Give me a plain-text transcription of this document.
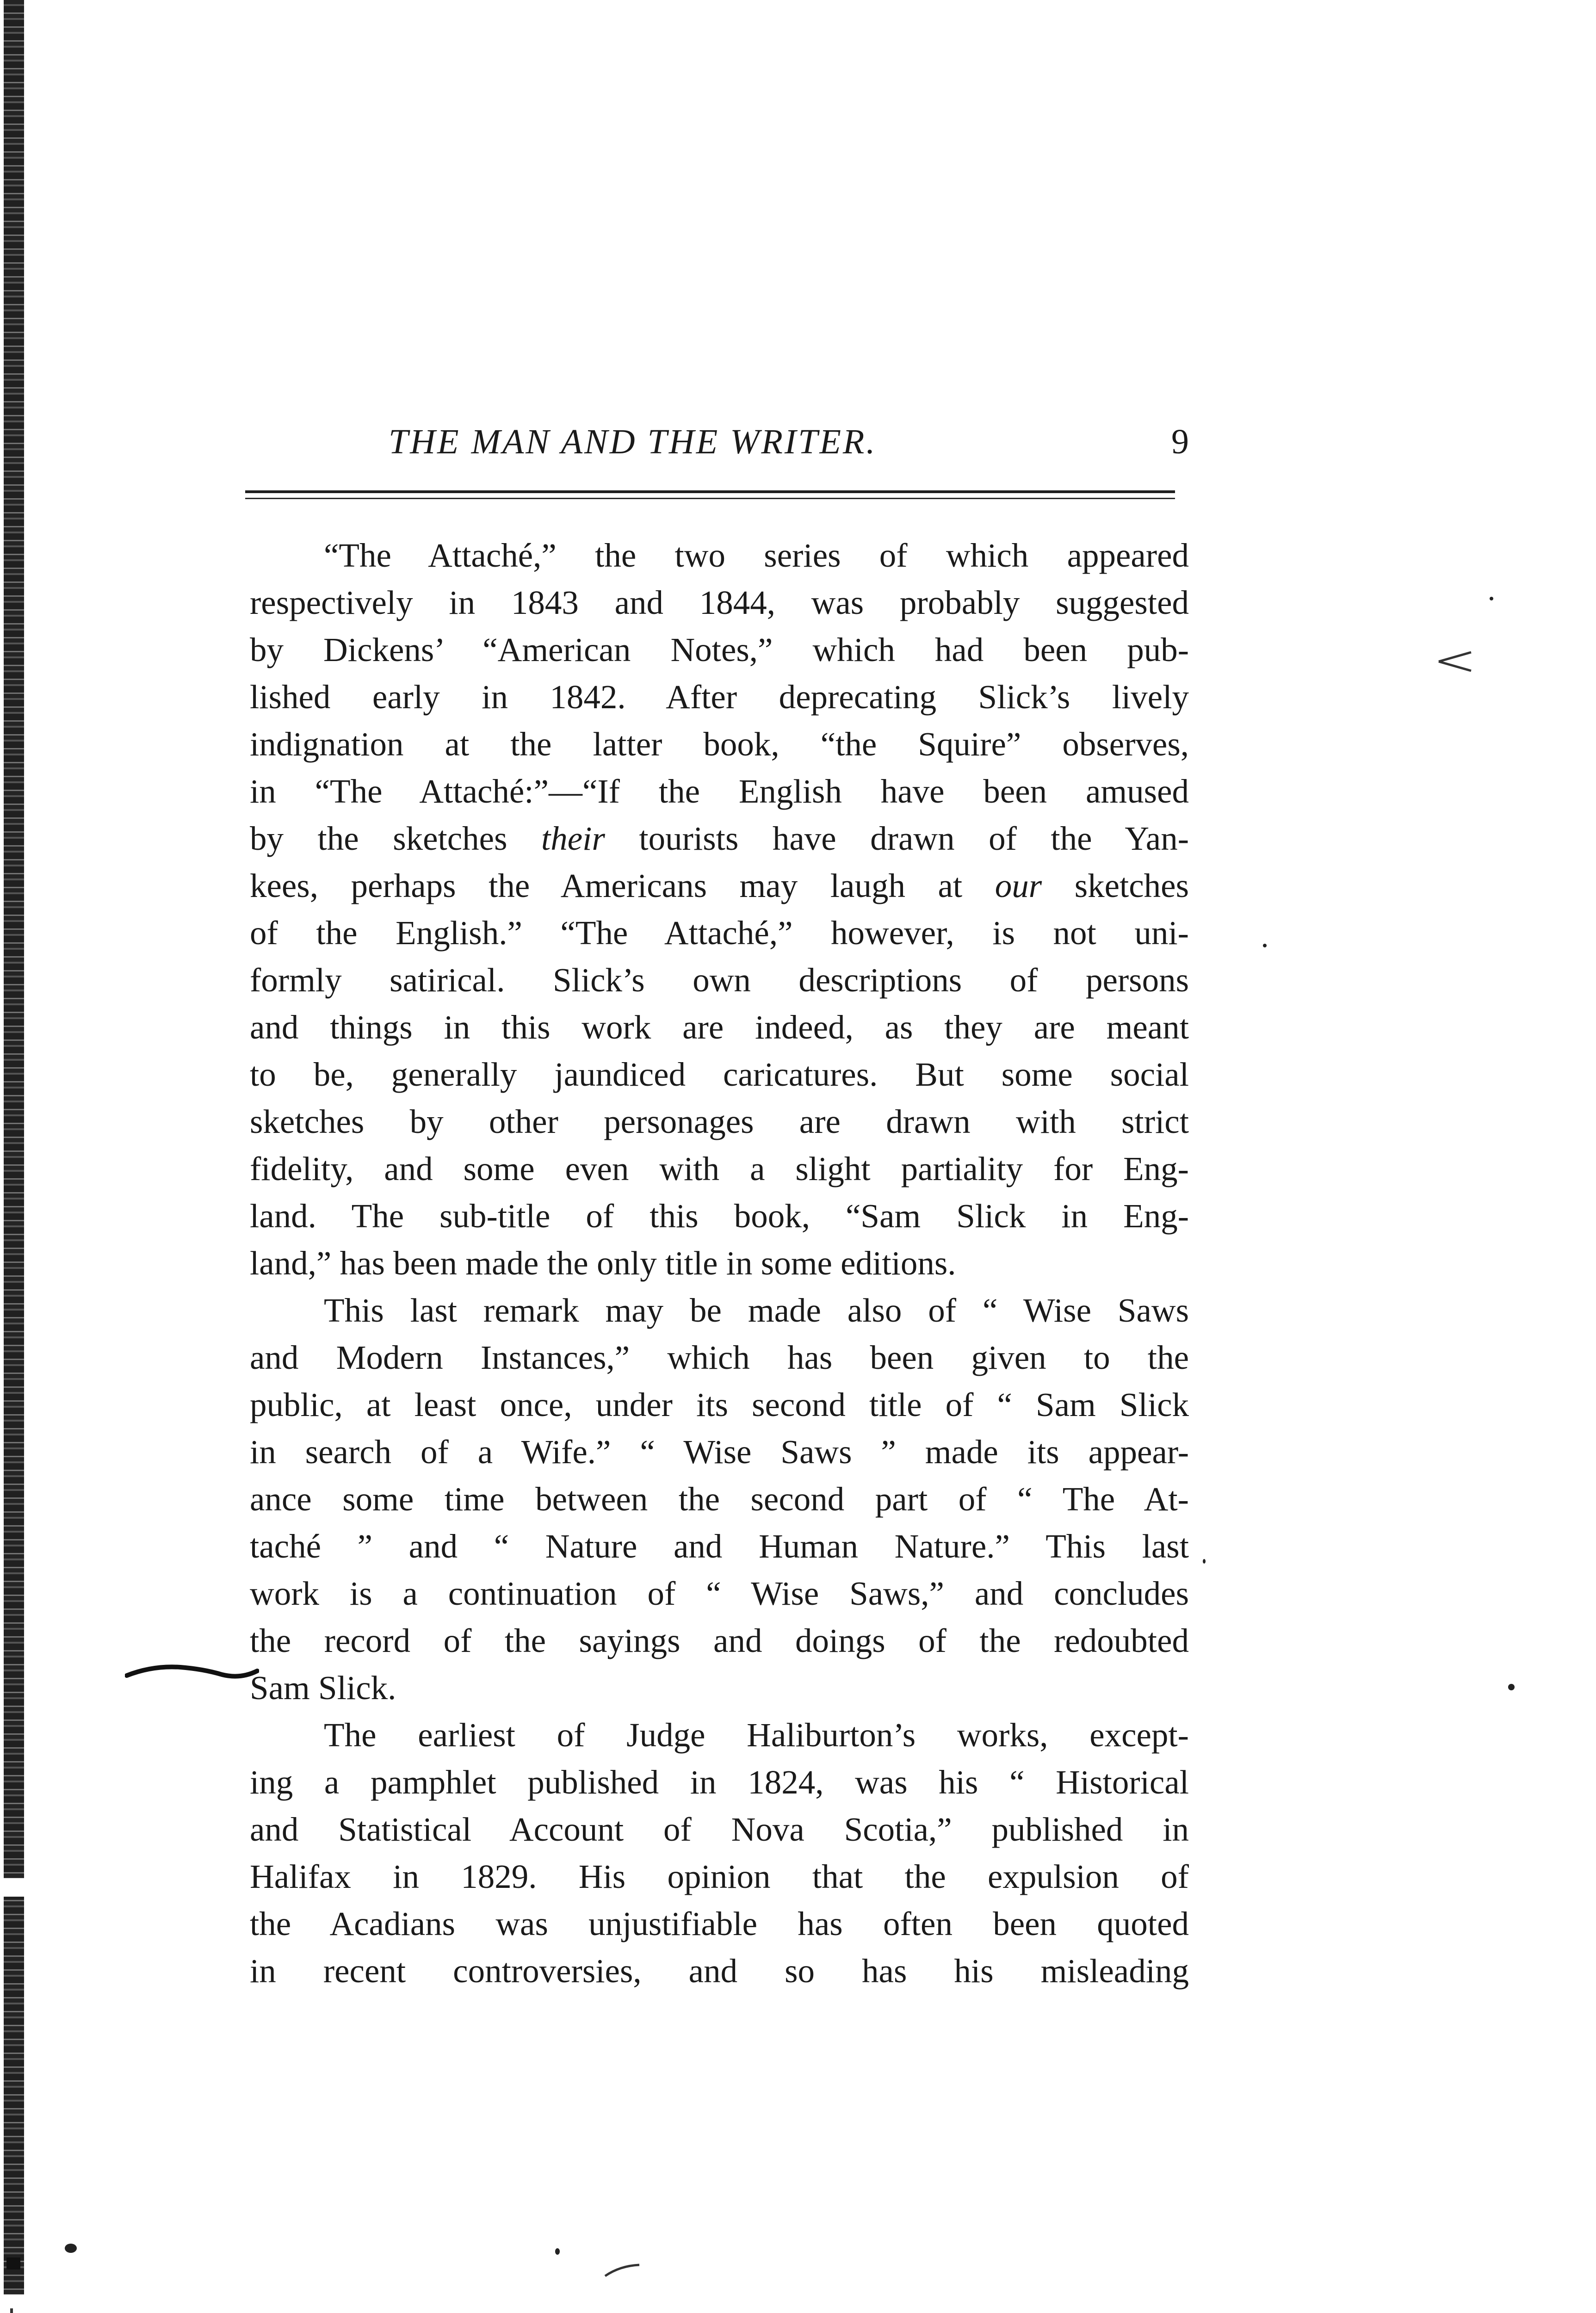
THE MAN AND THE WRITER.	9
“The Attaché,” the two series of which appeared
respectively in 1843 and 1844, was probably suggested
by Dickens’ “American Notes,” which had been pub-
lished early in 1842. After deprecating Slick’s lively
indignation at the latter book, “the Squire” observes,
in “The Attaché:”—“If the English have been amused
by the sketches their tourists have drawn of the Yan-
kees, perhaps the Americans may laugh at our sketches
of the English.” “The Attaché,” however, is not uni-
formly satirical. Slick’s own descriptions of persons
and things in this work are indeed, as they are meant
to be, generally jaundiced caricatures. But some social
sketches by other personages are drawn with strict
fidelity, and some even with a slight partiality for Eng-
land. The sub-title of this book, “Sam Slick in Eng-
land,” has been made the only title in some editions.
This last remark may be made also of “ Wise Saws
and Modern Instances,” which has been given to the
public, at least once, under its second title of “ Sam Slick
in search of a Wife.” “ Wise Saws ” made its appear-
ance some time between the second part of “ The At-
taché ” and “ Nature and Human Nature.” This last
work is a continuation of “ Wise Saws,” and concludes
the record of the sayings and doings of the redoubted
Sam Slick.
The earliest of Judge Haliburton’s works, except-
ing a pamphlet published in 1824, was his “ Historical
and Statistical Account of Nova Scotia,” published in
Halifax in 1829. His opinion that the expulsion of
the Acadians was unjustifiable has often been quoted
in recent controversies, and so has his misleading
